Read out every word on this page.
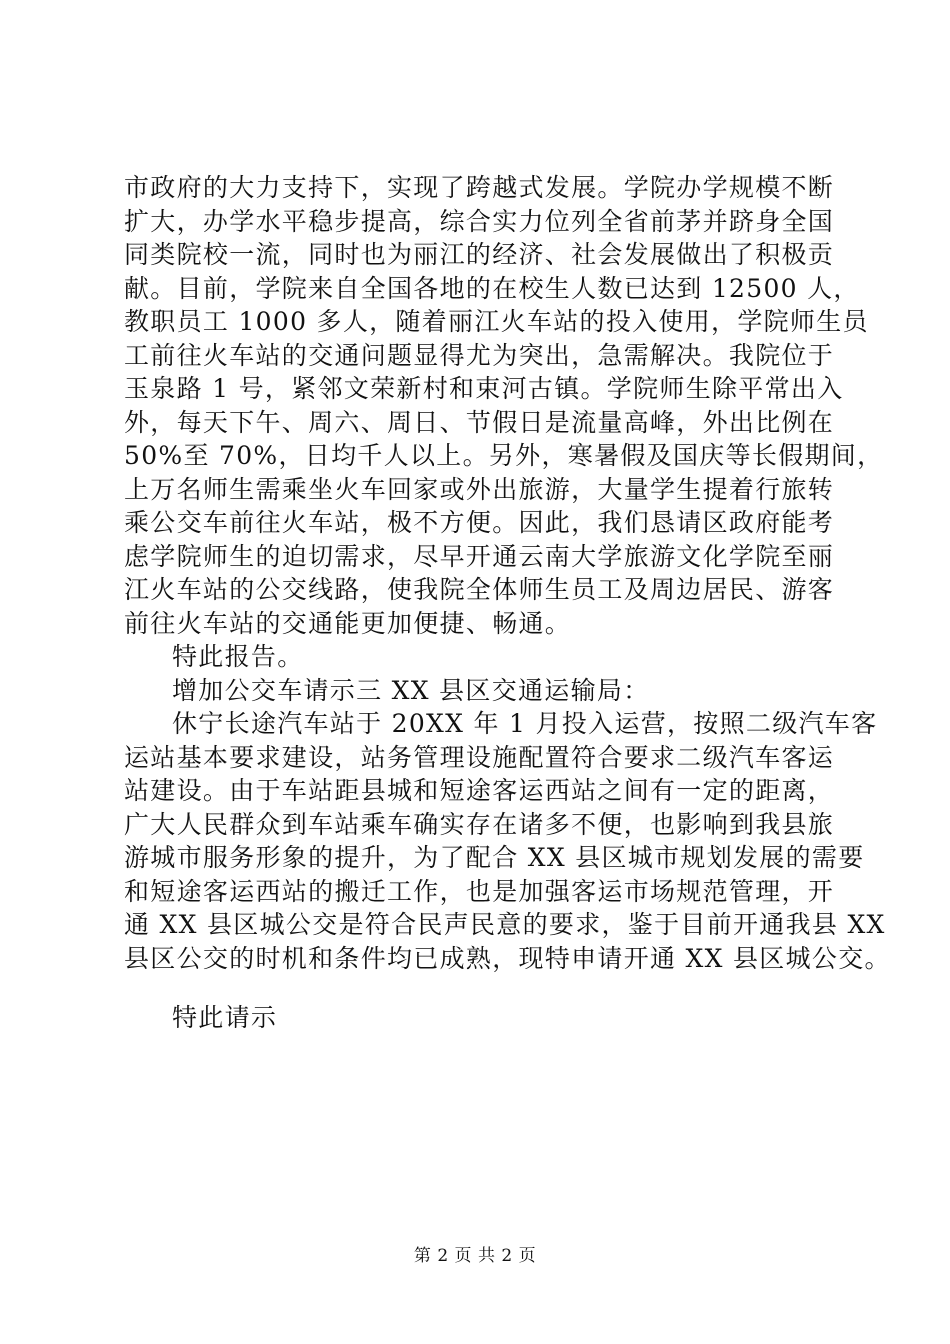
市政府的大力支持下，实现了跨越式发展。学院办学规模不断
扩大，办学水平稳步提高，综合实力位列全省前茅并跻身全国
同类院校一流，同时也为丽江的经济、社会发展做出了积极贡
献。目前，学院来自全国各地的在校生人数已达到 12500 人，
教职员工 1000 多人，随着丽江火车站的投入使用，学院师生员
工前往火车站的交通问题显得尤为突出，急需解决。我院位于
玉泉路 1 号，紧邻文荣新村和束河古镇。学院师生除平常出入
外，每天下午、周六、周日、节假日是流量高峰，外出比例在
50%至 70%，日均千人以上。另外，寒暑假及国庆等长假期间，
上万名师生需乘坐火车回家或外出旅游，大量学生提着行旅转
乘公交车前往火车站，极不方便。因此，我们恳请区政府能考
虑学院师生的迫切需求，尽早开通云南大学旅游文化学院至丽
江火车站的公交线路，使我院全体师生员工及周边居民、游客
前往火车站的交通能更加便捷、畅通。
特此报告。
增加公交车请示三 XX 县区交通运输局：
休宁长途汽车站于 20XX 年 1 月投入运营，按照二级汽车客
运站基本要求建设，站务管理设施配置符合要求二级汽车客运
站建设。由于车站距县城和短途客运西站之间有一定的距离，
广大人民群众到车站乘车确实存在诸多不便，也影响到我县旅
游城市服务形象的提升，为了配合 XX 县区城市规划发展的需要
和短途客运西站的搬迁工作，也是加强客运市场规范管理，开
通 XX 县区城公交是符合民声民意的要求，鉴于目前开通我县 XX
县区公交的时机和条件均已成熟，现特申请开通 XX 县区城公交。
特此请示
第 2 页 共 2 页
